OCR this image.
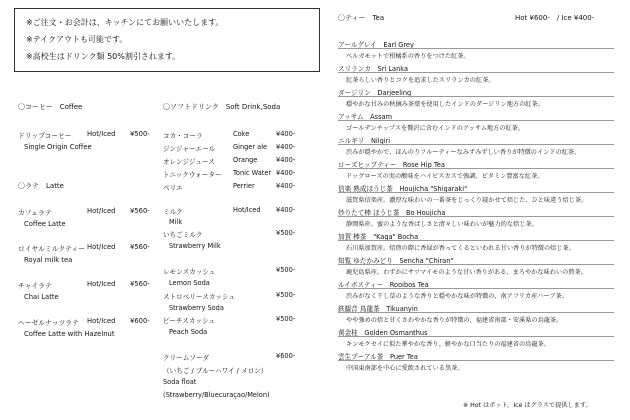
※ご注文・お会計は、キッチンにてお願いいたします。
※テイクアウトも可能です。
※高校生はドリンク類 50%割引されます。
〇コーヒー　Coffee
ドリップコーヒー Hot/Iced ¥500-
Single Origin Coffee
〇ラテ　Latte
カフェラテ	Hot/Iced ¥560-
Coffee Latte
ロイヤルミルクティー Hot/Iced ¥560-
Royal milk tea
チャイラテ	Hot/Iced ¥560-
Chai Latte
ヘーゼルナッツラテ Hot/Iced ¥600-
Coffee Latte with Hazelnut
〇ソフトドリンク　Soft Drink,Soda
コカ・コーラ	Coke	¥400-
ジンジャーエール	Ginger ale ¥400-
オレンジジュース	Orange	¥400-
トニックウォーター Tonic Water ¥400-
ペリエ	Perrier	¥400-
ミルク	Hot/Iced ¥400-
Milk
いちごミルク	¥500-
Strawberry Milk
レモンスカッシュ	¥500-
Lemon Soda
ストロベリースカッシュ	¥500-
Strawberry Soda
ピーチスカッシュ	¥500-
Peach Soda
クリームソーダ	¥600-
（いちご / ブルーハワイ / メロン）
Soda float
(Strawberry/Bluecuraçao/Melon)
〇ティー　Tea	Hot ¥600-　/ Ice ¥400-
アールグレイ　Earl Grey
ベルガモットで柑橘系の香りをつけた紅茶。
スリランカ　Sri Lanka
紅茶らしい香りとコクを追求したスリランカの紅茶。
ダージリン　Darjeeling
穏やかな甘みの秋摘み茶葉を使用したインドのダージリン地方の紅茶。
アッサム　Assam
ゴールデンチップスを贅沢に含むインドのアッサム地方の紅茶。
ニルギリ　Nilgiri
渋みが穏やかで、ほんのりフルーティーなみずみずしい香りが特徴のインドの紅茶。
ローズヒップティー　Rose Hip Tea
ドッグローズの実の酸味をハイビスカスで強調。ビタミン豊富な紅茶。
信楽 熟成ほうじ茶　Houjicha "Shigaraki"
滋賀県信楽産。濃厚な味わいの一番茶をじっくり寝かせて焙じた、ひと味違う焙じ茶。
炒りたて棒 ほうじ茶　Bo Houjicha
静岡県産。蜜のような香ばしさと清々しい味わいが魅力的な焙じ茶。
加賀 棒茶　"Kaga" Bocha
石川県加賀産。焙煎の際に香緑が香ってくるといわれる甘い香りが特徴の焙じ茶。
知覧 ゆたかみどり　Sencha "Chiran"
鹿児島県産。わずかにサツマイモのような甘い香りがある、まろやかな味わいの煎茶。
ルイボスティー　Rooibos Tea
渋みがなく干し草のような香りと穏やかな味が特徴の、南アフリカ産ハーブ茶。
鉄観音 鳥龍茶　Tikuanyin
やや強めの焙と甘くさわやかな香りが特徴の、福建省南部・安溪県の烏龍茶。
黄金桂　Golden Osmanthus
キンモクセイに似た華やかな香り、軽やかな口当たりの福建省の烏龍茶。
雲生プーアル茶　Puer Tea
中国東南部を中心に愛飲されている黒茶。
※ Hot はポット、Ice はグラスで提供します。
